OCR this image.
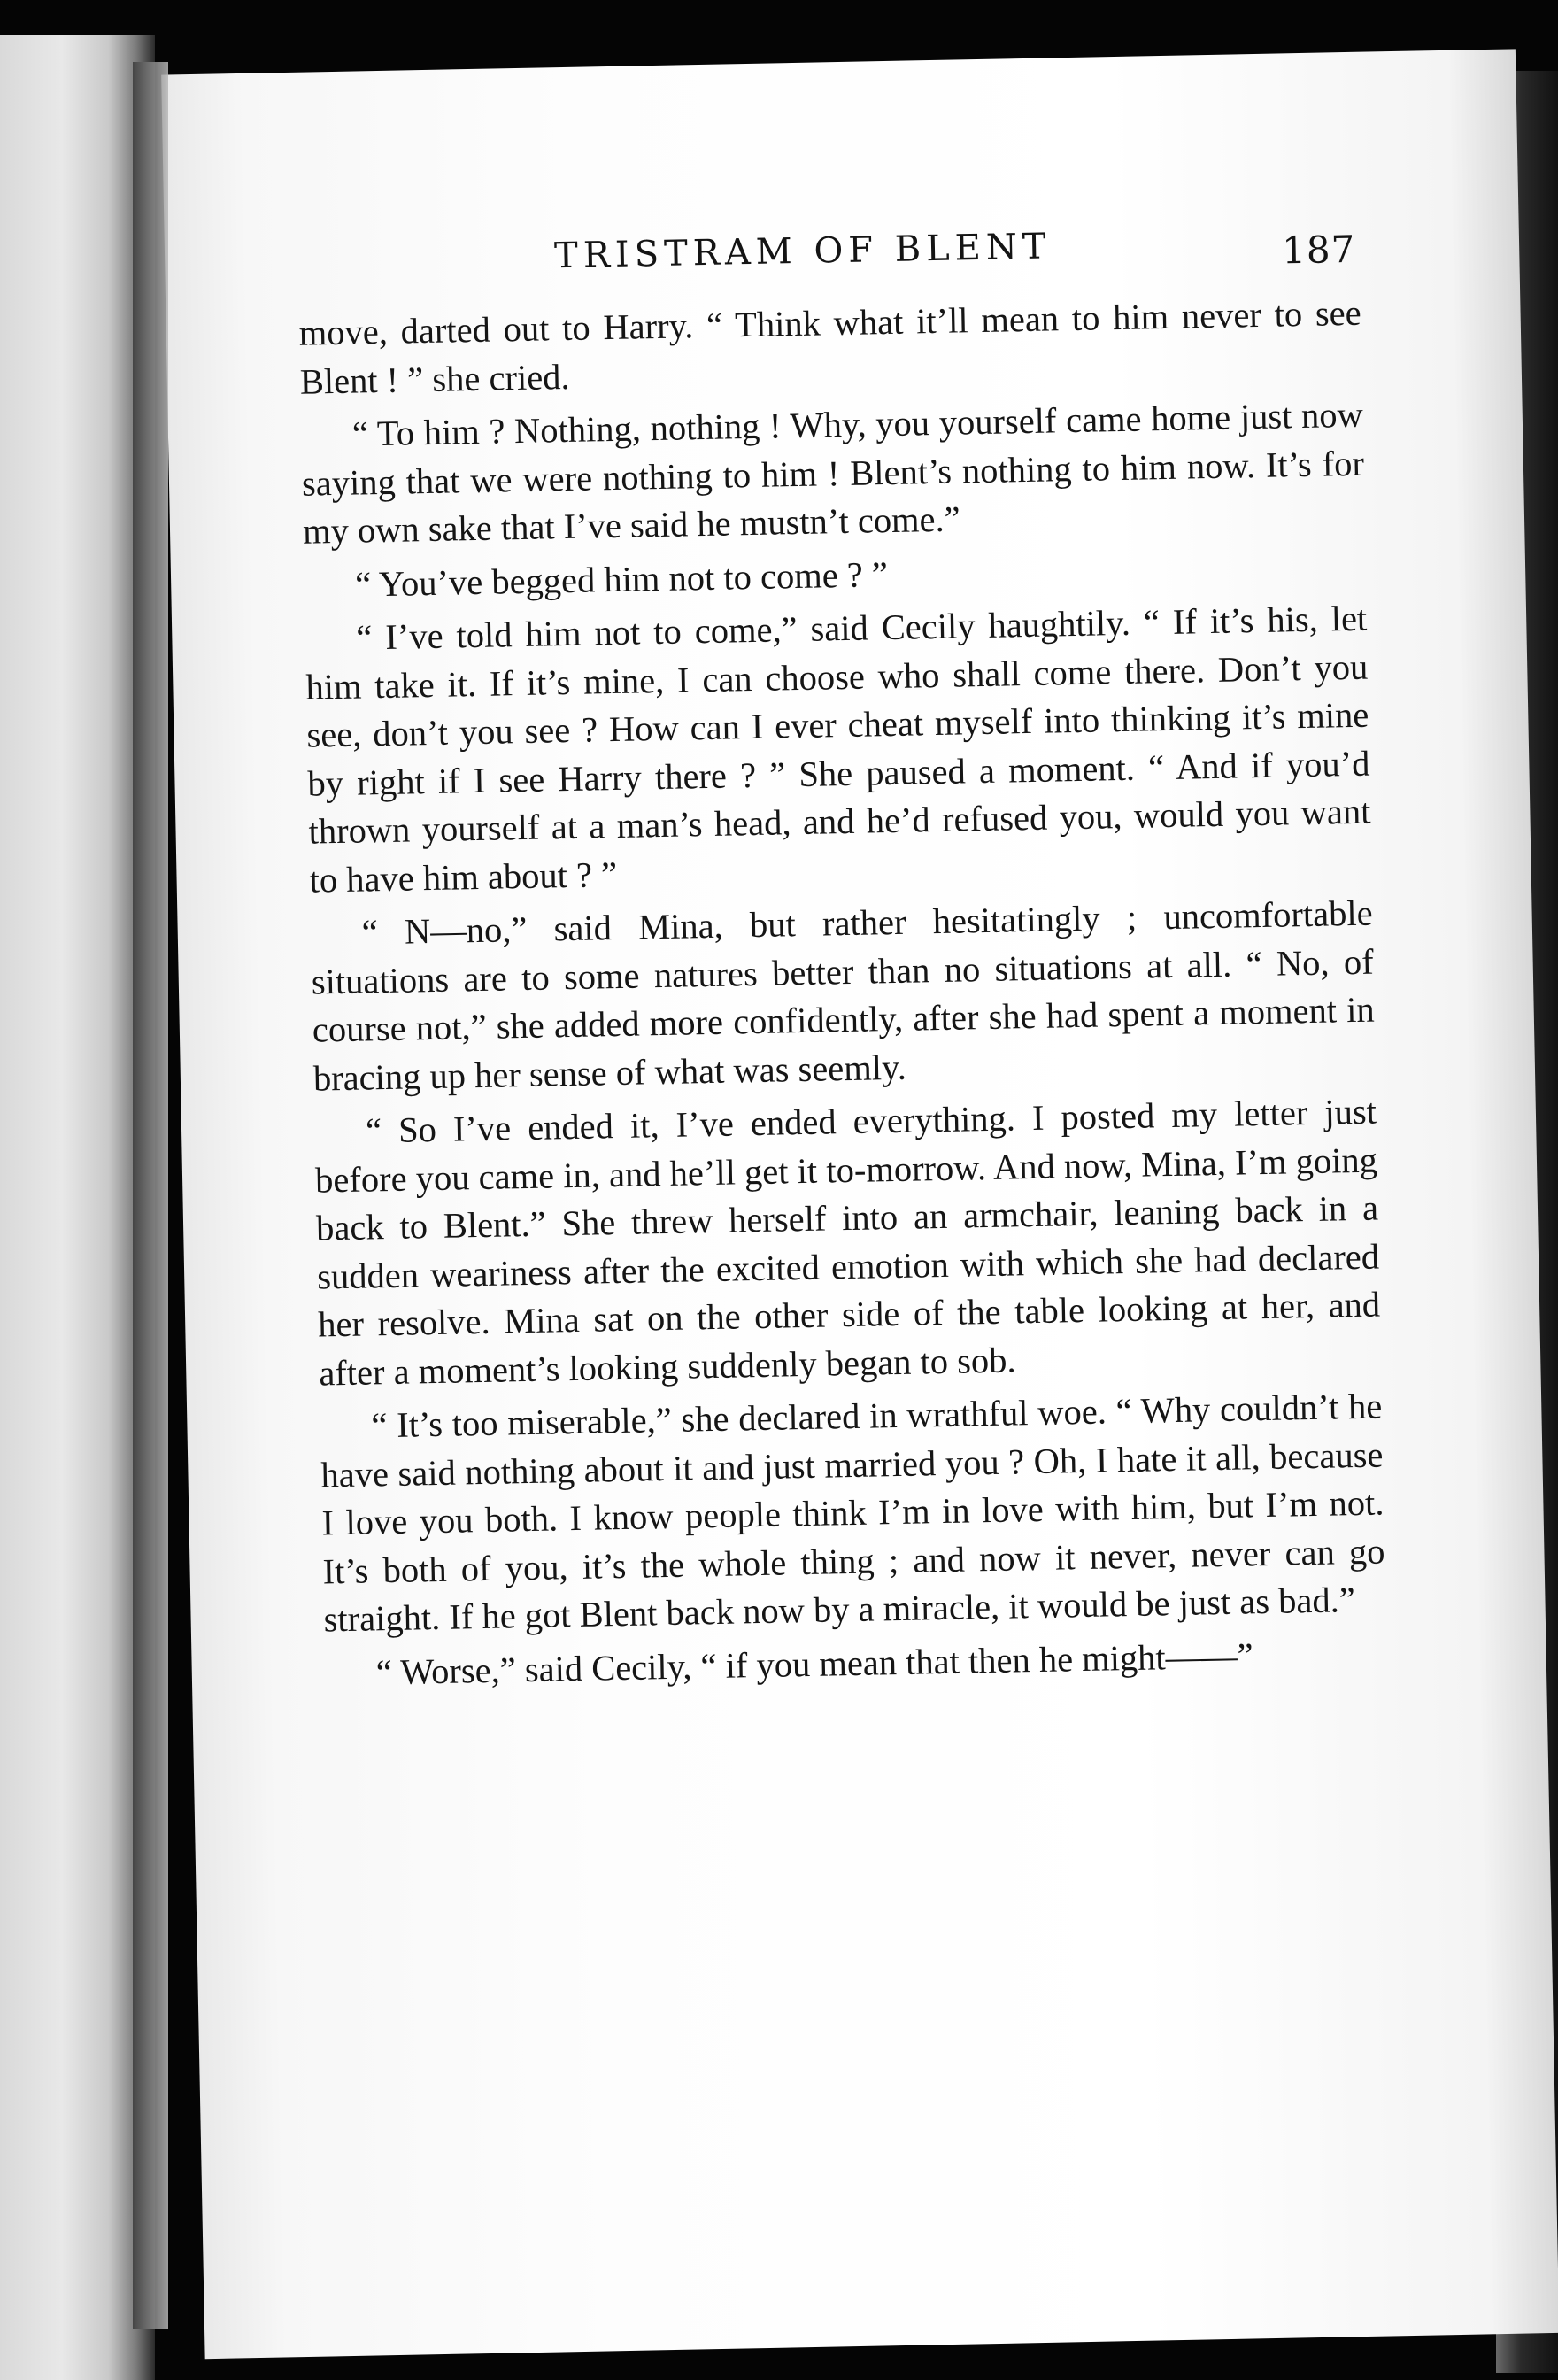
TRISTRAM OF BLENT	187

move, darted out to Harry. “ Think what it’ll mean to him never to see Blent ! ” she cried.

“ To him ? Nothing, nothing ! Why, you yourself came home just now saying that we were nothing to him ! Blent’s nothing to him now. It’s for my own sake that I’ve said he mustn’t come.”

“ You’ve begged him not to come ? ”

“ I’ve told him not to come,” said Cecily haughtily. “ If it’s his, let him take it. If it’s mine, I can choose who shall come there. Don’t you see, don’t you see ? How can I ever cheat myself into thinking it’s mine by right if I see Harry there ? ” She paused a moment. “ And if you’d thrown yourself at a man’s head, and he’d refused you, would you want to have him about ? ”

“ N—no,” said Mina, but rather hesitatingly ; uncomfortable situations are to some natures better than no situations at all. “ No, of course not,” she added more confidently, after she had spent a moment in bracing up her sense of what was seemly.

“ So I’ve ended it, I’ve ended everything. I posted my letter just before you came in, and he’ll get it to-morrow. And now, Mina, I’m going back to Blent.” She threw herself into an armchair, leaning back in a sudden weariness after the excited emotion with which she had declared her resolve. Mina sat on the other side of the table looking at her, and after a moment’s looking suddenly began to sob.

“ It’s too miserable,” she declared in wrathful woe. “ Why couldn’t he have said nothing about it and just married you ? Oh, I hate it all, because I love you both. I know people think I’m in love with him, but I’m not. It’s both of you, it’s the whole thing ; and now it never, never can go straight. If he got Blent back now by a miracle, it would be just as bad.”

“ Worse,” said Cecily, “ if you mean that then he might——”
